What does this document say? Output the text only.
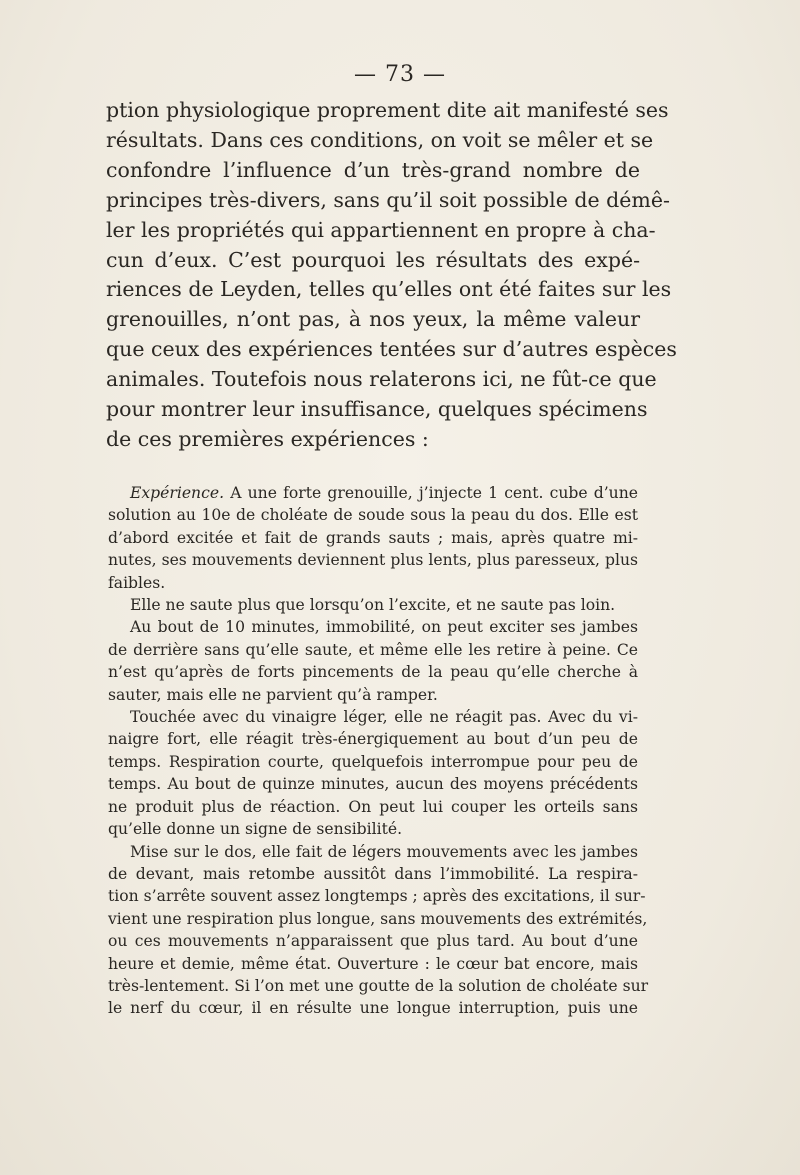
— 73 —
ption physiologique proprement dite ait manifesté ses
résultats. Dans ces conditions, on voit se mêler et se
confondre l’influence d’un très-grand nombre de
principes très-divers, sans qu’il soit possible de démê-
ler les propriétés qui appartiennent en propre à cha-
cun d’eux. C’est pourquoi les résultats des expé-
riences de Leyden, telles qu’elles ont été faites sur les
grenouilles, n’ont pas, à nos yeux, la même valeur
que ceux des expériences tentées sur d’autres espèces
animales. Toutefois nous relaterons ici, ne fût-ce que
pour montrer leur insuffisance, quelques spécimens
de ces premières expériences :
Expérience. A une forte grenouille, j’injecte 1 cent. cube d’une
solution au 10e de choléate de soude sous la peau du dos. Elle est
d’abord excitée et fait de grands sauts ; mais, après quatre mi-
nutes, ses mouvements deviennent plus lents, plus paresseux, plus
faibles.
Elle ne saute plus que lorsqu’on l’excite, et ne saute pas loin.
Au bout de 10 minutes, immobilité, on peut exciter ses jambes
de derrière sans qu’elle saute, et même elle les retire à peine. Ce
n’est qu’après de forts pincements de la peau qu’elle cherche à
sauter, mais elle ne parvient qu’à ramper.
Touchée avec du vinaigre léger, elle ne réagit pas. Avec du vi-
naigre fort, elle réagit très-énergiquement au bout d’un peu de
temps. Respiration courte, quelquefois interrompue pour peu de
temps. Au bout de quinze minutes, aucun des moyens précédents
ne produit plus de réaction. On peut lui couper les orteils sans
qu’elle donne un signe de sensibilité.
Mise sur le dos, elle fait de légers mouvements avec les jambes
de devant, mais retombe aussitôt dans l’immobilité. La respira-
tion s’arrête souvent assez longtemps ; après des excitations, il sur-
vient une respiration plus longue, sans mouvements des extrémités,
ou ces mouvements n’apparaissent que plus tard. Au bout d’une
heure et demie, même état. Ouverture : le cœur bat encore, mais
très-lentement. Si l’on met une goutte de la solution de choléate sur
le nerf du cœur, il en résulte une longue interruption, puis une
